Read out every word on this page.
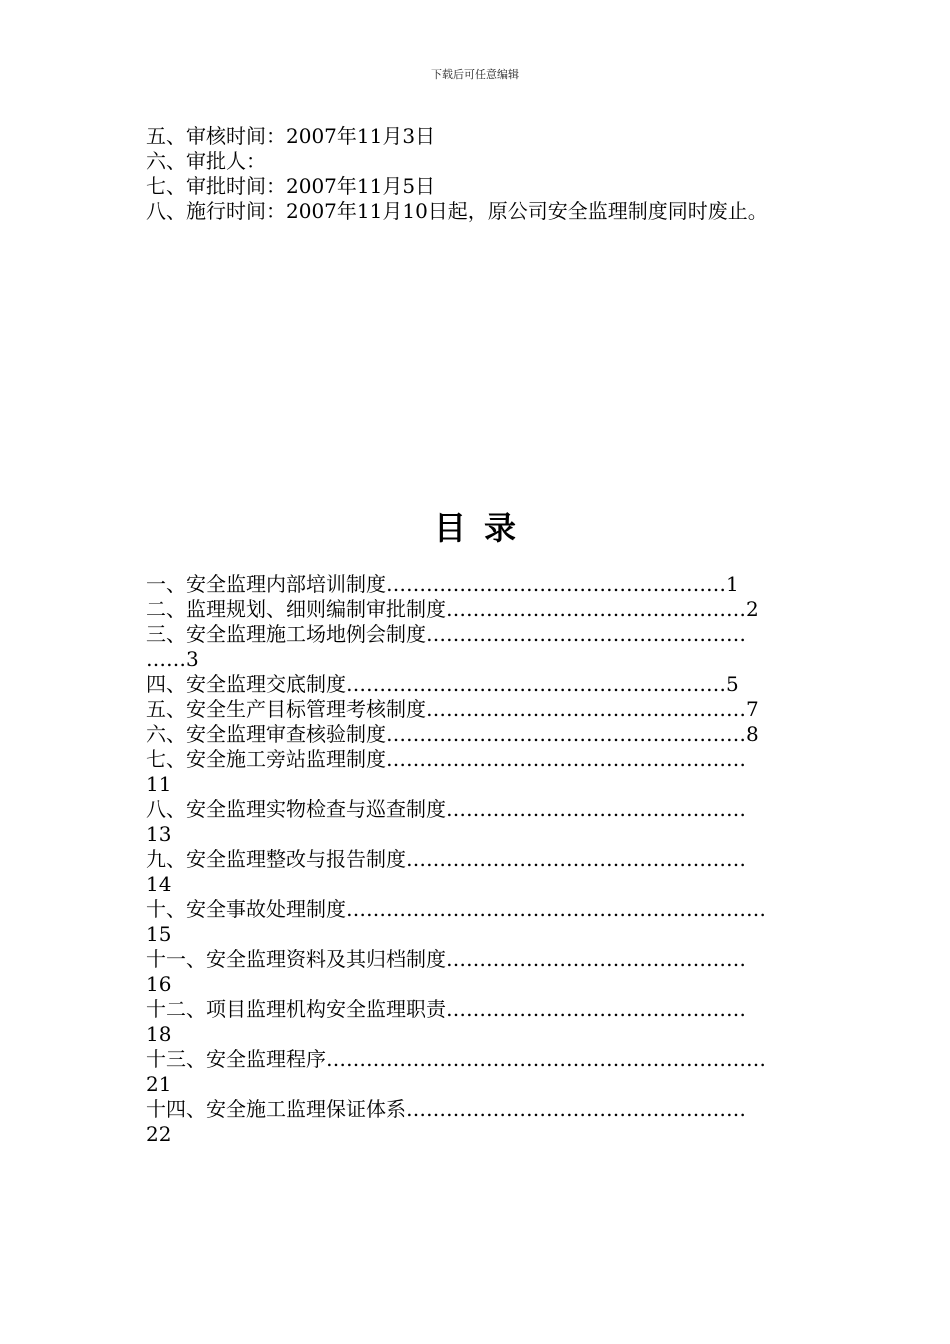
下载后可任意编辑
五、审核时间：2007年11月3日
六、审批人：
七、审批时间：2007年11月5日
八、施行时间：2007年11月10日起，原公司安全监理制度同时废止。
目录
一、安全监理内部培训制度……………………………………………1
二、监理规划、细则编制审批制度………………………………………2
三、安全监理施工场地例会制度…………………………………………
……3
四、安全监理交底制度…………………………………………………5
五、安全生产目标管理考核制度…………………………………………7
六、安全监理审查核验制度………………………………………………8
七、安全施工旁站监理制度………………………………………………
11
八、安全监理实物检查与巡查制度………………………………………
13
九、安全监理整改与报告制度……………………………………………
14
十、安全事故处理制度………………………………………………………
15
十一、安全监理资料及其归档制度………………………………………
16
十二、项目监理机构安全监理职责………………………………………
18
十三、安全监理程序…………………………………………………………
21
十四、安全施工监理保证体系……………………………………………
22
